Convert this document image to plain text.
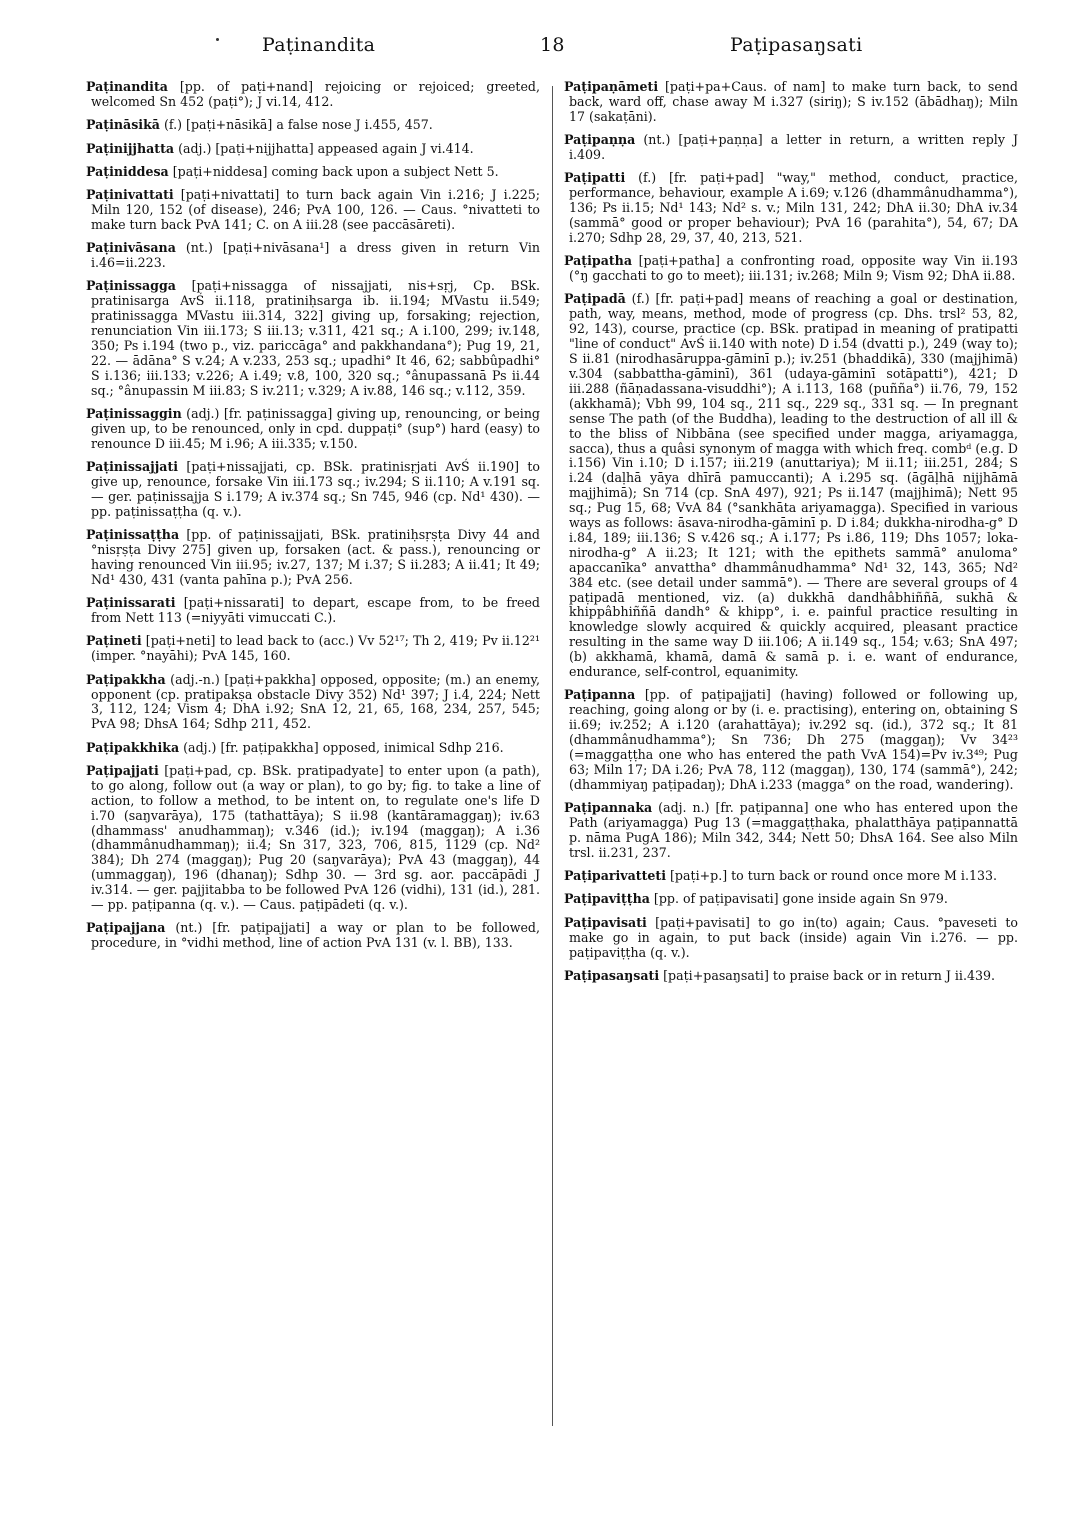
Paṭinandita	18	Paṭipasaŋsati

Paṭinandita [pp. of paṭi+nand] rejoicing or rejoiced; greeted, welcomed Sn 452 (paṭi°); J vi.14, 412.

Paṭināsikā (f.) [paṭi+nāsikā] a false nose J i.455, 457.

Paṭinijjhatta (adj.) [paṭi+nijjhatta] appeased again J vi.414.

Paṭiniddesa [paṭi+niddesa] coming back upon a subject Nett 5.

Paṭinivattati [paṭi+nivattati] to turn back again Vin i.216; J i.225; Miln 120, 152 (of disease), 246; PvA 100, 126. — Caus. °nivatteti to make turn back PvA 141; C. on A iii.28 (see paccāsāreti).

Paṭinivāsana (nt.) [paṭi+nivāsana¹] a dress given in return Vin i.46=ii.223.

Paṭinissagga [paṭi+nissagga of nissajjati, nis+sṛj, Cp. BSk. pratinisarga AvŚ ii.118, pratiniḥsarga ib. ii.194; MVastu ii.549; pratinissagga MVastu iii.314, 322] giving up, forsaking; rejection, renunciation Vin iii.173; S iii.13; v.311, 421 sq.; A i.100, 299; iv.148, 350; Ps i.194 (two p., viz. pariccāga° and pakkhandana°); Pug 19, 21, 22. — ādāna° S v.24; A v.233, 253 sq.; upadhi° It 46, 62; sabbûpadhi° S i.136; iii.133; v.226; A i.49; v.8, 100, 320 sq.; °ânupassanā Ps ii.44 sq.; °ânupassin M iii.83; S iv.211; v.329; A iv.88, 146 sq.; v.112, 359.

Paṭinissaggin (adj.) [fr. paṭinissagga] giving up, renouncing, or being given up, to be renounced, only in cpd. duppaṭi° (sup°) hard (easy) to renounce D iii.45; M i.96; A iii.335; v.150.

Paṭinissajjati [paṭi+nissajjati, cp. BSk. pratinisṛjati AvŚ ii.190] to give up, renounce, forsake Vin iii.173 sq.; iv.294; S ii.110; A v.191 sq. — ger. paṭinissajja S i.179; A iv.374 sq.; Sn 745, 946 (cp. Nd¹ 430). — pp. paṭinissaṭṭha (q. v.).

Paṭinissaṭṭha [pp. of paṭinissajjati, BSk. pratiniḥsṛṣṭa Divy 44 and °nisṛṣṭa Divy 275] given up, forsaken (act. & pass.), renouncing or having renounced Vin iii.95; iv.27, 137; M i.37; S ii.283; A ii.41; It 49; Nd¹ 430, 431 (vanta pahīna p.); PvA 256.

Paṭinissarati [paṭi+nissarati] to depart, escape from, to be freed from Nett 113 (=niyyāti vimuccati C.).

Paṭineti [paṭi+neti] to lead back to (acc.) Vv 52¹⁷; Th 2, 419; Pv ii.12²¹ (imper. °nayāhi); PvA 145, 160.

Paṭipakkha (adj.-n.) [paṭi+pakkha] opposed, opposite; (m.) an enemy, opponent (cp. pratipakṣa obstacle Divy 352) Nd¹ 397; J i.4, 224; Nett 3, 112, 124; Vism 4; DhA i.92; SnA 12, 21, 65, 168, 234, 257, 545; PvA 98; DhsA 164; Sdhp 211, 452.

Paṭipakkhika (adj.) [fr. paṭipakkha] opposed, inimical Sdhp 216.

Paṭipajjati [paṭi+pad, cp. BSk. pratipadyate] to enter upon (a path), to go along, follow out (a way or plan), to go by; fig. to take a line of action, to follow a method, to be intent on, to regulate one's life D i.70 (saŋvarāya), 175 (tathattāya); S ii.98 (kantāramaggaŋ); iv.63 (dhammass' anudhammaŋ); v.346 (id.); iv.194 (maggaŋ); A i.36 (dhammânudhammaŋ); ii.4; Sn 317, 323, 706, 815, 1129 (cp. Nd² 384); Dh 274 (maggaŋ); Pug 20 (saŋvarāya); PvA 43 (maggaŋ), 44 (ummaggaŋ), 196 (dhanaŋ); Sdhp 30. — 3rd sg. aor. paccāpādi J iv.314. — ger. pajjitabba to be followed PvA 126 (vidhi), 131 (id.), 281. — pp. paṭipanna (q. v.). — Caus. paṭipādeti (q. v.).

Paṭipajjana (nt.) [fr. paṭipajjati] a way or plan to be followed, procedure, in °vidhi method, line of action PvA 131 (v. l. BB), 133.

Paṭipaṇāmeti [paṭi+pa+Caus. of nam] to make turn back, to send back, ward off, chase away M i.327 (siriŋ); S iv.152 (ābādhaŋ); Miln 17 (sakaṭāni).

Paṭipaṇṇa (nt.) [paṭi+paṇṇa] a letter in return, a written reply J i.409.

Paṭipatti (f.) [fr. paṭi+pad] "way," method, conduct, practice, performance, behaviour, example A i.69; v.126 (dhammânudhamma°), 136; Ps ii.15; Nd¹ 143; Nd² s. v.; Miln 131, 242; DhA ii.30; DhA iv.34 (sammā° good or proper behaviour); PvA 16 (parahita°), 54, 67; DA i.270; Sdhp 28, 29, 37, 40, 213, 521.

Paṭipatha [paṭi+patha] a confronting road, opposite way Vin ii.193 (°ŋ gacchati to go to meet); iii.131; iv.268; Miln 9; Vism 92; DhA ii.88.

Paṭipadā (f.) [fr. paṭi+pad] means of reaching a goal or destination, path, way, means, method, mode of progress (cp. Dhs. trsl² 53, 82, 92, 143), course, practice (cp. BSk. pratipad in meaning of pratipatti "line of conduct" AvŚ ii.140 with note) D i.54 (dvatti p.), 249 (way to); S ii.81 (nirodhasāruppa-gāminī p.); iv.251 (bhaddikā), 330 (majjhimā) v.304 (sabbattha-gāminī), 361 (udaya-gāminī sotāpatti°), 421; D iii.288 (ñāṇadassana-visuddhi°); A i.113, 168 (puñña°) ii.76, 79, 152 (akkhamā); Vbh 99, 104 sq., 211 sq., 229 sq., 331 sq. — In pregnant sense The path (of the Buddha), leading to the destruction of all ill & to the bliss of Nibbāna (see specified under magga, ariyamagga, sacca), thus a quâsi synonym of magga with which freq. combᵈ (e.g. D i.156) Vin i.10; D i.157; iii.219 (anuttariya); M ii.11; iii.251, 284; S i.24 (daḷhā yāya dhīrā pamuccanti); A i.295 sq. (āgāḷhā nijjhāmā majjhimā); Sn 714 (cp. SnA 497), 921; Ps ii.147 (majjhimā); Nett 95 sq.; Pug 15, 68; VvA 84 (°sankhāta ariyamagga). Specified in various ways as follows: āsava-nirodha-gāminī p. D i.84; dukkha-nirodha-g° D i.84, 189; iii.136; S v.426 sq.; A i.177; Ps i.86, 119; Dhs 1057; loka-nirodha-g° A ii.23; It 121; with the epithets sammā° anuloma° apaccanīka° anvattha° dhammânudhamma° Nd¹ 32, 143, 365; Nd² 384 etc. (see detail under sammā°). — There are several groups of 4 paṭipadā mentioned, viz. (a) dukkhā dandhâbhiññā, sukhā & khippâbhiññā dandh° & khipp°, i. e. painful practice resulting in knowledge slowly acquired & quickly acquired, pleasant practice resulting in the same way D iii.106; A ii.149 sq., 154; v.63; SnA 497; (b) akkhamā, khamā, damā & samā p. i. e. want of endurance, endurance, self-control, equanimity.

Paṭipanna [pp. of paṭipajjati] (having) followed or following up, reaching, going along or by (i. e. practising), entering on, obtaining S ii.69; iv.252; A i.120 (arahattāya); iv.292 sq. (id.), 372 sq.; It 81 (dhammânudhamma°); Sn 736; Dh 275 (maggaŋ); Vv 34²³ (=maggaṭṭha one who has entered the path VvA 154)=Pv iv.3⁴⁹; Pug 63; Miln 17; DA i.26; PvA 78, 112 (maggaŋ), 130, 174 (sammā°), 242; (dhammiyaŋ paṭipadaŋ); DhA i.233 (magga° on the road, wandering).

Paṭipannaka (adj. n.) [fr. paṭipanna] one who has entered upon the Path (ariyamagga) Pug 13 (=maggaṭṭhaka, phalatthāya paṭipannattā p. nāma PugA 186); Miln 342, 344; Nett 50; DhsA 164. See also Miln trsl. ii.231, 237.

Paṭiparivatteti [paṭi+p.] to turn back or round once more M i.133.

Paṭipaviṭṭha [pp. of paṭipavisati] gone inside again Sn 979.

Paṭipavisati [paṭi+pavisati] to go in(to) again; Caus. °paveseti to make go in again, to put back (inside) again Vin i.276. — pp. paṭipaviṭṭha (q. v.).

Paṭipasaŋsati [paṭi+pasaŋsati] to praise back or in return J ii.439.
